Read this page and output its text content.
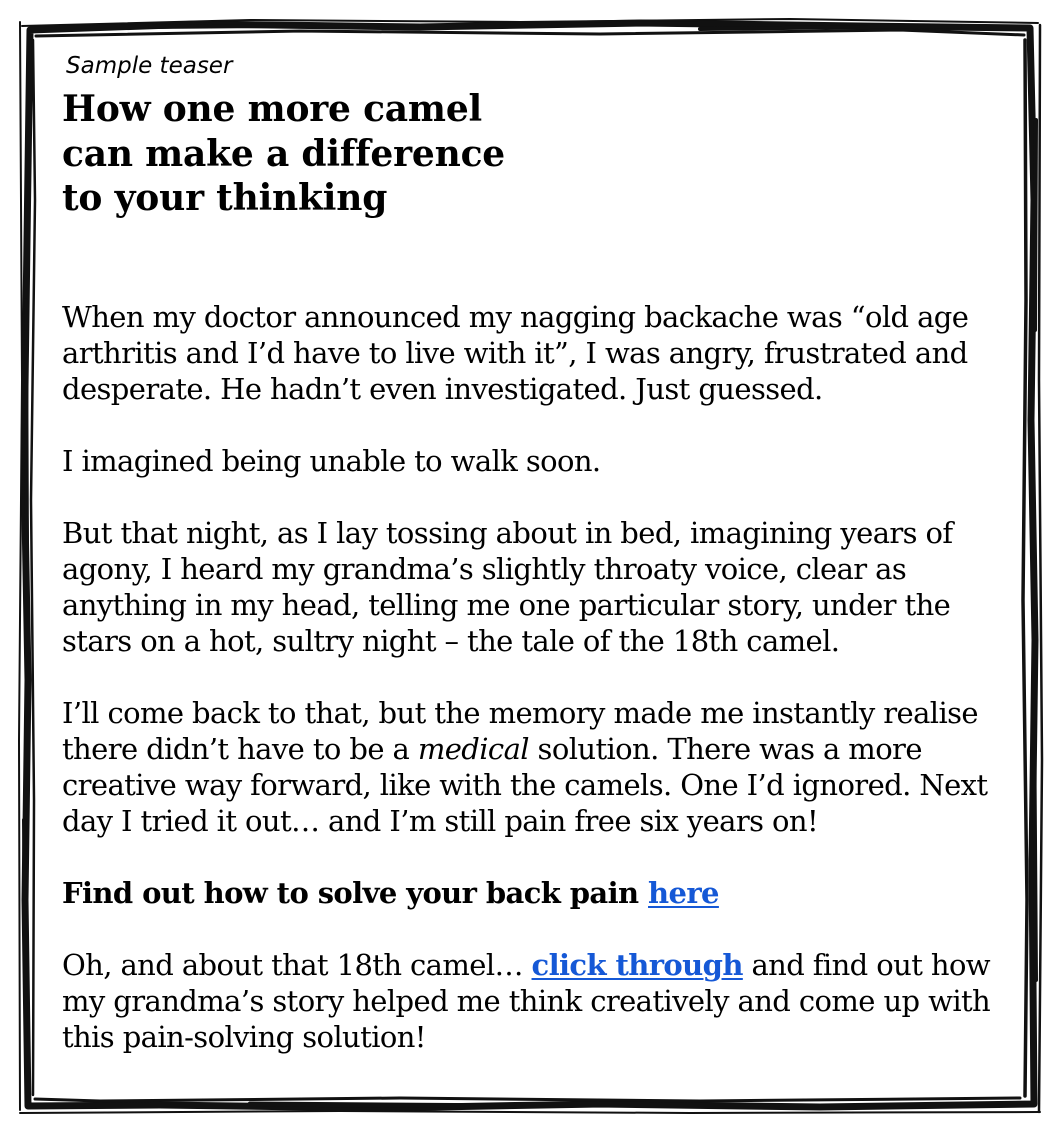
Sample teaser
How one more camel
can make a difference
to your thinking

When my doctor announced my nagging backache was “old age arthritis and I’d have to live with it”, I was angry, frustrated and desperate. He hadn’t even investigated. Just guessed.

I imagined being unable to walk soon.

But that night, as I lay tossing about in bed, imagining years of agony, I heard my grandma’s slightly throaty voice, clear as anything in my head, telling me one particular story, under the stars on a hot, sultry night – the tale of the 18th camel.

I’ll come back to that, but the memory made me instantly realise there didn’t have to be a medical solution. There was a more creative way forward, like with the camels. One I’d ignored. Next day I tried it out… and I’m still pain free six years on!

Find out how to solve your back pain here

Oh, and about that 18th camel… click through and find out how my grandma’s story helped me think creatively and come up with this pain-solving solution!
